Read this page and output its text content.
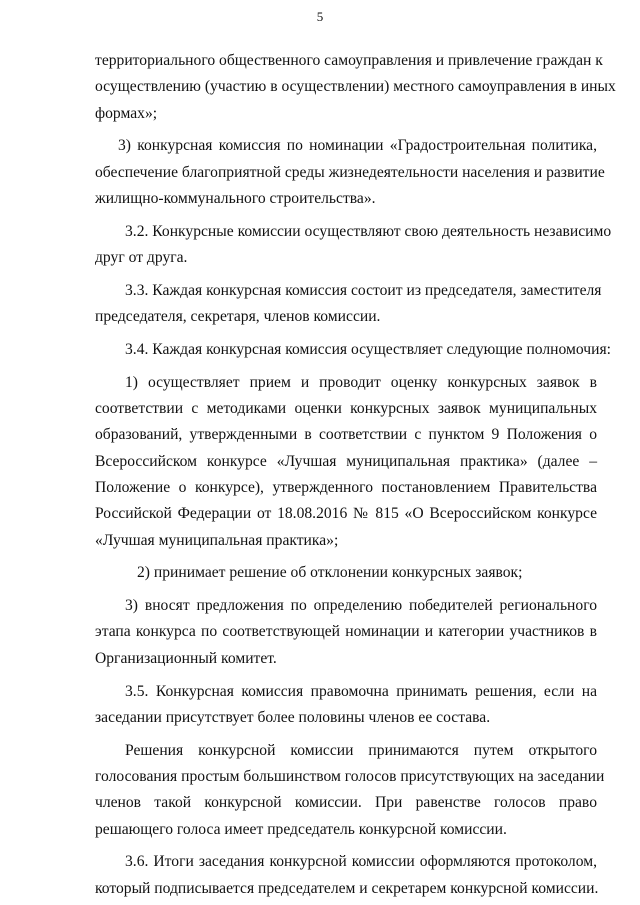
5
территориального общественного самоуправления и привлечение граждан к
осуществлению (участию в осуществлении) местного самоуправления в иных
формах»;
3) конкурсная комиссия по номинации «Градостроительная политика,
обеспечение благоприятной среды жизнедеятельности населения и развитие
жилищно-коммунального строительства».
3.2. Конкурсные комиссии осуществляют свою деятельность независимо
друг от друга.
3.3. Каждая конкурсная комиссия состоит из председателя, заместителя
председателя, секретаря, членов комиссии.
3.4. Каждая конкурсная комиссия осуществляет следующие полномочия:
1) осуществляет прием и проводит оценку конкурсных заявок в
соответствии с методиками оценки конкурсных заявок муниципальных
образований, утвержденными в соответствии с пунктом 9 Положения о
Всероссийском конкурсе «Лучшая муниципальная практика» (далее –
Положение о конкурсе), утвержденного постановлением Правительства
Российской Федерации от 18.08.2016 № 815 «О Всероссийском конкурсе
«Лучшая муниципальная практика»;
2) принимает решение об отклонении конкурсных заявок;
3) вносят предложения по определению победителей регионального
этапа конкурса по соответствующей номинации и категории участников в
Организационный комитет.
3.5. Конкурсная комиссия правомочна принимать решения, если на
заседании присутствует более половины членов ее состава.
Решения конкурсной комиссии принимаются путем открытого
голосования простым большинством голосов присутствующих на заседании
членов такой конкурсной комиссии. При равенстве голосов право
решающего голоса имеет председатель конкурсной комиссии.
3.6. Итоги заседания конкурсной комиссии оформляются протоколом,
который подписывается председателем и секретарем конкурсной комиссии.
